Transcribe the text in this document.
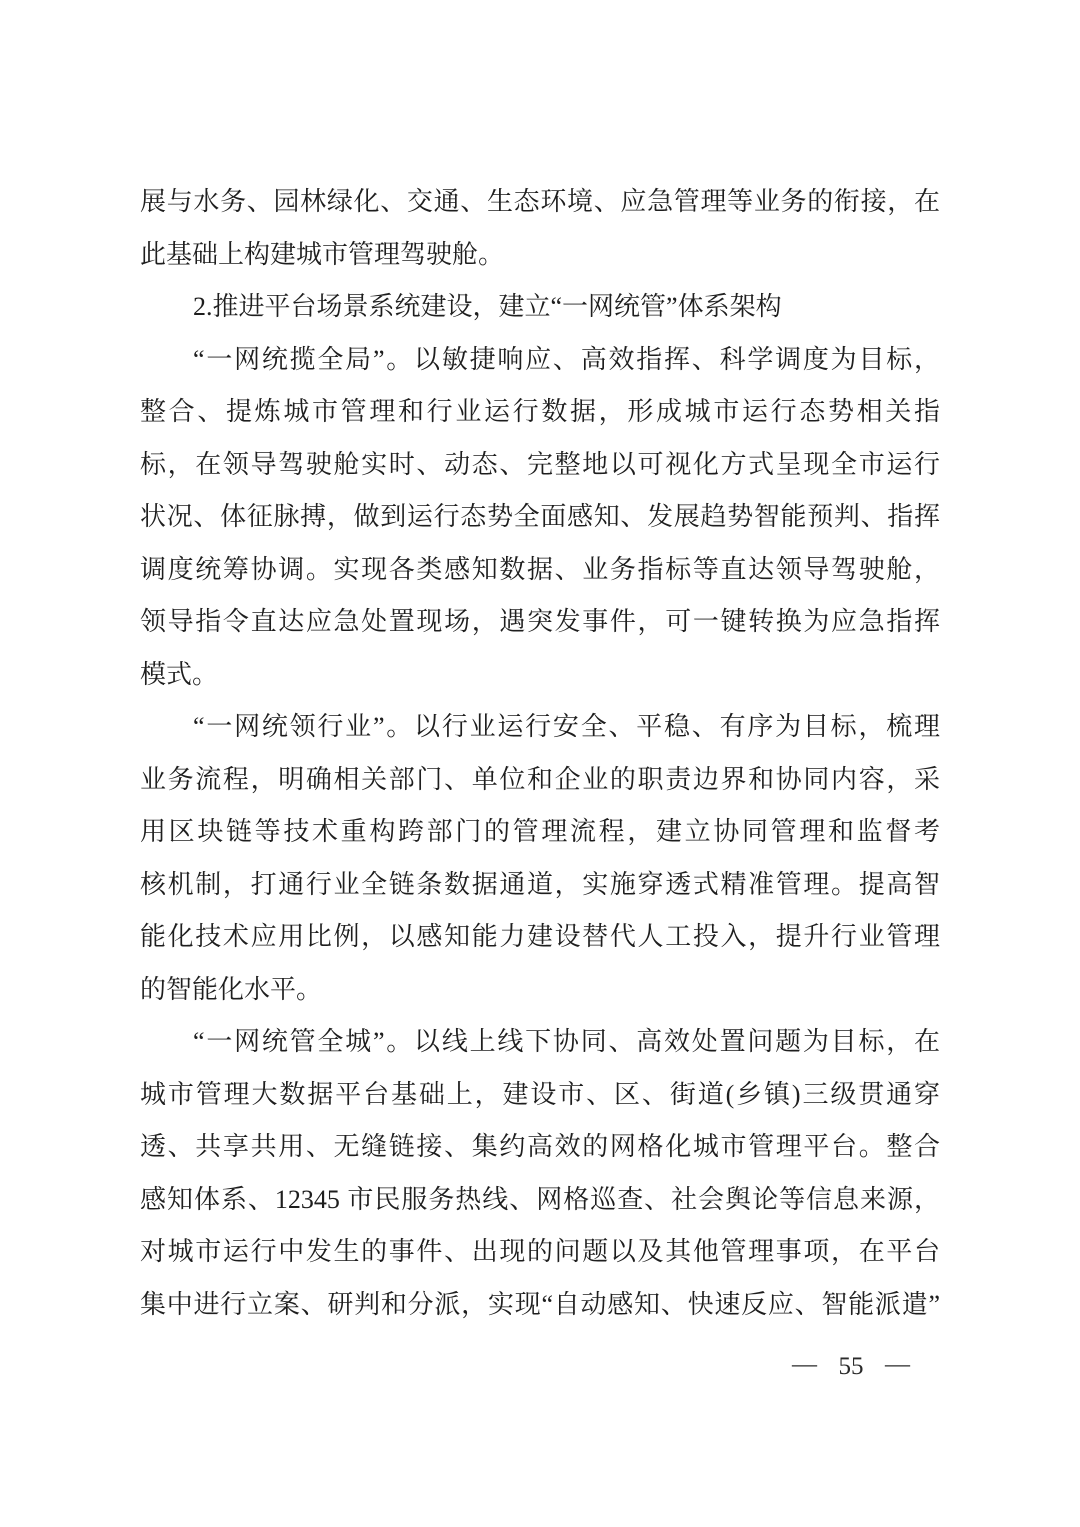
展与水务、园林绿化、交通、生态环境、应急管理等业务的衔接，在
此基础上构建城市管理驾驶舱。
2.推进平台场景系统建设，建立“一网统管”体系架构
“一网统揽全局”。以敏捷响应、高效指挥、科学调度为目标，
整合、提炼城市管理和行业运行数据，形成城市运行态势相关指
标，在领导驾驶舱实时、动态、完整地以可视化方式呈现全市运行
状况、体征脉搏，做到运行态势全面感知、发展趋势智能预判、指挥
调度统筹协调。实现各类感知数据、业务指标等直达领导驾驶舱，
领导指令直达应急处置现场，遇突发事件，可一键转换为应急指挥
模式。
“一网统领行业”。以行业运行安全、平稳、有序为目标，梳理
业务流程，明确相关部门、单位和企业的职责边界和协同内容，采
用区块链等技术重构跨部门的管理流程，建立协同管理和监督考
核机制，打通行业全链条数据通道，实施穿透式精准管理。提高智
能化技术应用比例，以感知能力建设替代人工投入，提升行业管理
的智能化水平。
“一网统管全城”。以线上线下协同、高效处置问题为目标，在
城市管理大数据平台基础上，建设市、区、街道(乡镇)三级贯通穿
透、共享共用、无缝链接、集约高效的网格化城市管理平台。整合
感知体系、12345 市民服务热线、网格巡查、社会舆论等信息来源，
对城市运行中发生的事件、出现的问题以及其他管理事项，在平台
集中进行立案、研判和分派，实现“自动感知、快速反应、智能派遣”
— 55 —
